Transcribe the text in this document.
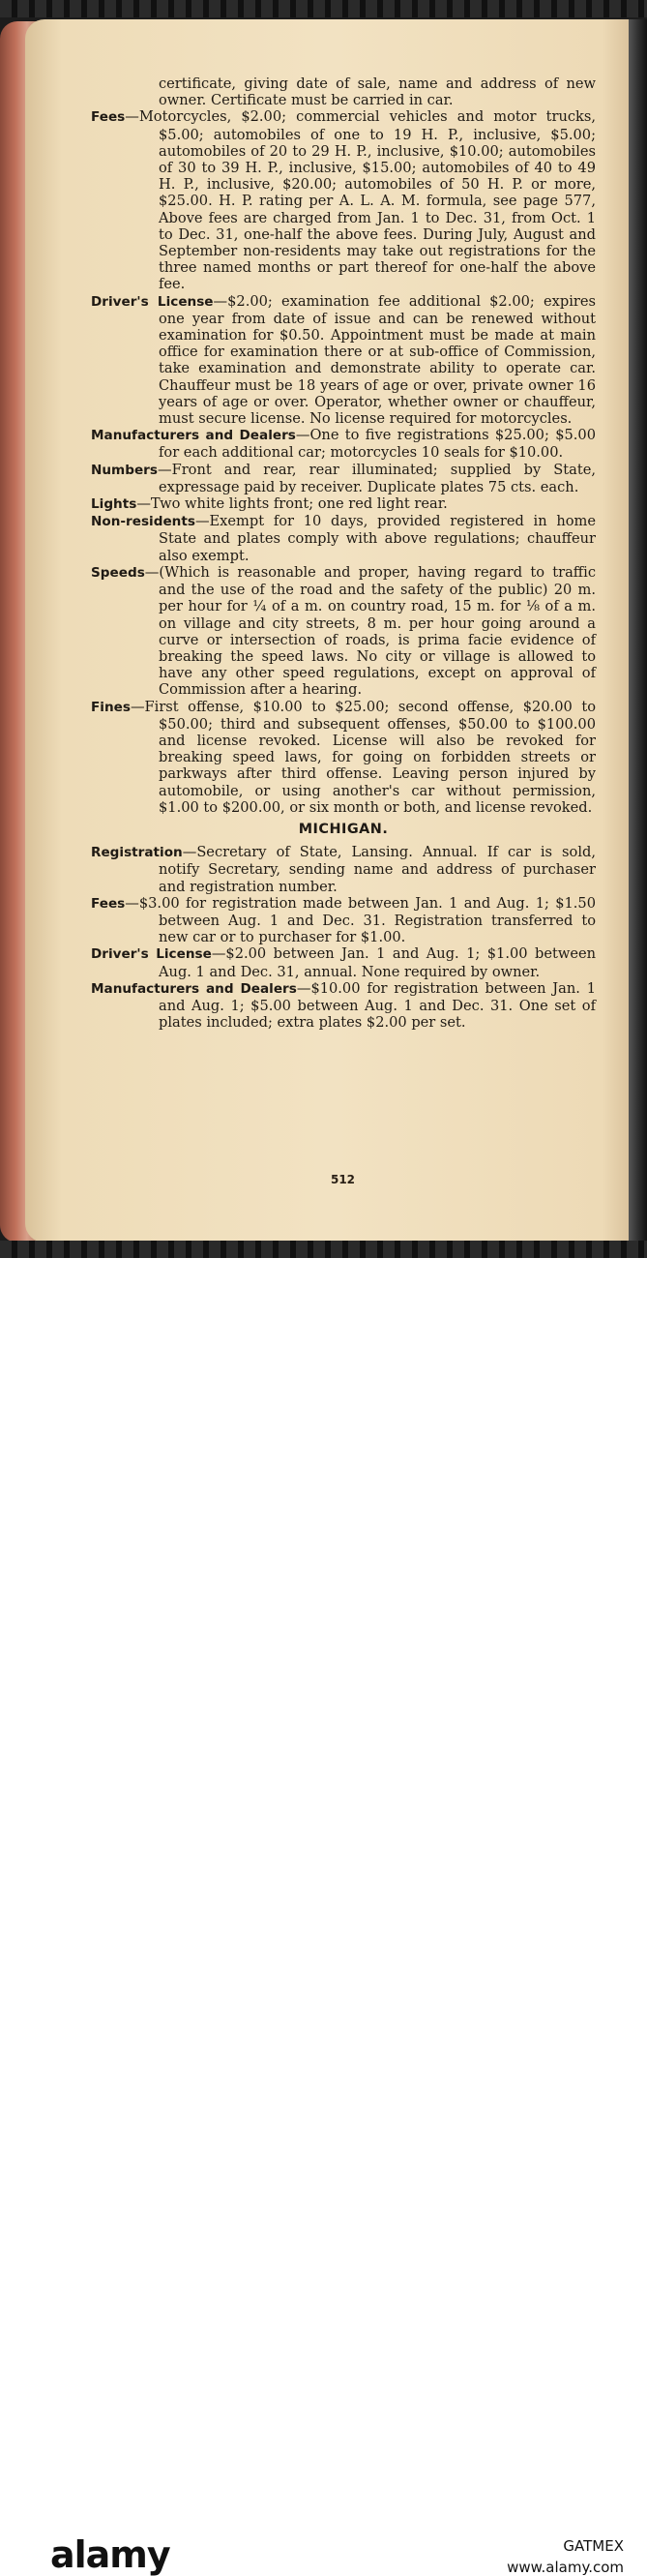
certificate, giving date of sale, name and address of new owner. Certificate must be carried in car.

Fees—Motorcycles, $2.00; commercial vehicles and motor trucks, $5.00; automobiles of one to 19 H. P., inclusive, $5.00; automobiles of 20 to 29 H. P., inclusive, $10.00; automobiles of 30 to 39 H. P., inclusive, $15.00; automobiles of 40 to 49 H. P., inclusive, $20.00; automobiles of 50 H. P. or more, $25.00. H. P. rating per A. L. A. M. formula, see page 577, Above fees are charged from Jan. 1 to Dec. 31, from Oct. 1 to Dec. 31, one-half the above fees. During July, August and September non-residents may take out registrations for the three named months or part thereof for one-half the above fee.

Driver's License—$2.00; examination fee additional $2.00; expires one year from date of issue and can be renewed without examination for $0.50. Appointment must be made at main office for examination there or at sub-office of Commission, take examination and demonstrate ability to operate car. Chauffeur must be 18 years of age or over, private owner 16 years of age or over. Operator, whether owner or chauffeur, must secure license. No license required for motorcycles.

Manufacturers and Dealers—One to five registrations $25.00; $5.00 for each additional car; motorcycles 10 seals for $10.00.

Numbers—Front and rear, rear illuminated; supplied by State, expressage paid by receiver. Duplicate plates 75 cts. each.

Lights—Two white lights front; one red light rear.

Non-residents—Exempt for 10 days, provided registered in home State and plates comply with above regulations; chauffeur also exempt.

Speeds—(Which is reasonable and proper, having regard to traffic and the use of the road and the safety of the public) 20 m. per hour for ¼ of a m. on country road, 15 m. for ⅛ of a m. on village and city streets, 8 m. per hour going around a curve or intersection of roads, is prima facie evidence of breaking the speed laws. No city or village is allowed to have any other speed regulations, except on approval of Commission after a hearing.

Fines—First offense, $10.00 to $25.00; second offense, $20.00 to $50.00; third and subsequent offenses, $50.00 to $100.00 and license revoked. License will also be revoked for breaking speed laws, for going on forbidden streets or parkways after third offense. Leaving person injured by automobile, or using another's car without permission, $1.00 to $200.00, or six month or both, and license revoked.

MICHIGAN.

Registration—Secretary of State, Lansing. Annual. If car is sold, notify Secretary, sending name and address of purchaser and registration number.

Fees—$3.00 for registration made between Jan. 1 and Aug. 1; $1.50 between Aug. 1 and Dec. 31. Registration transferred to new car or to purchaser for $1.00.

Driver's License—$2.00 between Jan. 1 and Aug. 1; $1.00 between Aug. 1 and Dec. 31, annual. None required by owner.

Manufacturers and Dealers—$10.00 for registration between Jan. 1 and Aug. 1; $5.00 between Aug. 1 and Dec. 31. One set of plates included; extra plates $2.00 per set.

512
alamy	GATMEX
www.alamy.com
